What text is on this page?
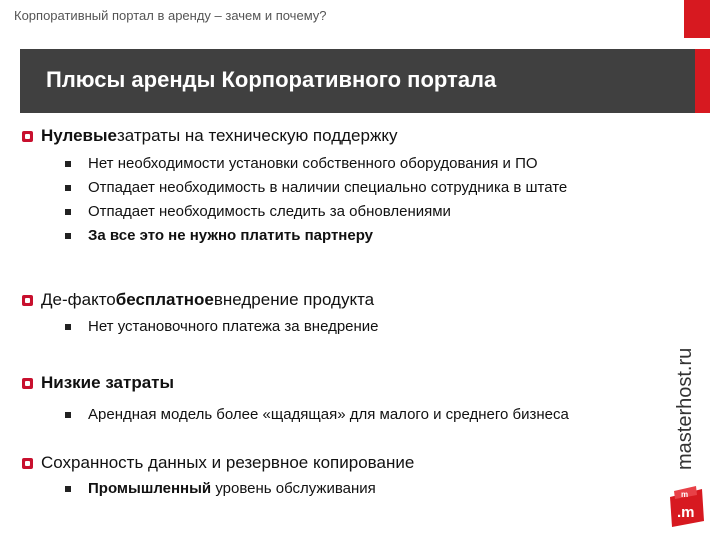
Корпоративный портал в аренду – зачем и почему?
Плюсы аренды Корпоративного портала
Нулевые затраты на техническую поддержку
Нет необходимости установки собственного оборудования и ПО
Отпадает необходимость в наличии специально сотрудника в штате
Отпадает необходимость следить за обновлениями
За все это не нужно платить партнеру
Де-факто бесплатное внедрение продукта
Нет установочного платежа за внедрение
Низкие затраты
Арендная модель более «щадящая» для малого и среднего бизнеса
Сохранность данных и резервное копирование
Промышленный уровень обслуживания
masterhost.ru
.m
m
